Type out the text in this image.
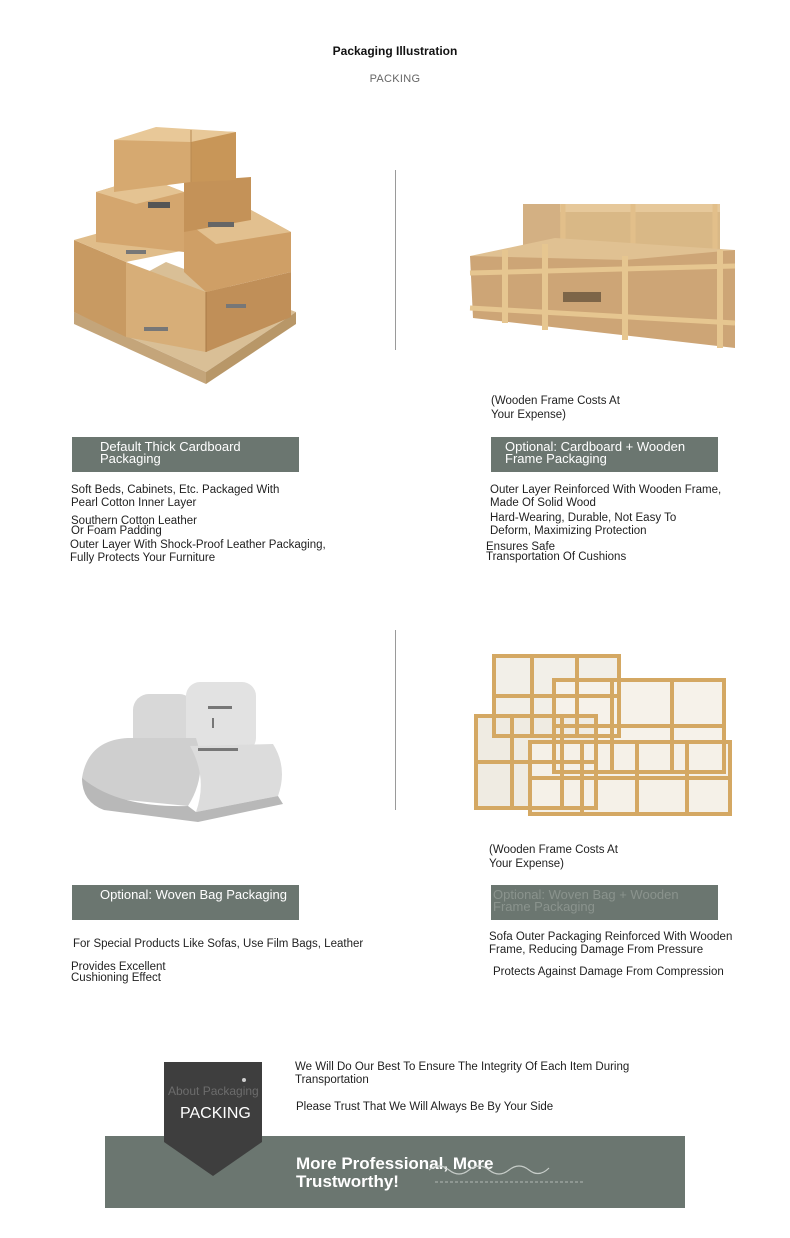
Packaging Illustration
PACKING
Default Thick Cardboard Packaging
Soft Beds, Cabinets, Etc. Packaged With
Pearl Cotton Inner Layer
Southern Cotton Leather
Or Foam Padding
Outer Layer With Shock-Proof Leather Packaging,
Fully Protects Your Furniture
(Wooden Frame Costs At
Your Expense)
Optional: Cardboard + Wooden Frame Packaging
Outer Layer Reinforced With Wooden Frame,
Made Of Solid Wood
Hard-Wearing, Durable, Not Easy To
Deform, Maximizing Protection
Ensures Safe
Transportation Of Cushions
Optional: Woven Bag Packaging
For Special Products Like Sofas, Use Film Bags, Leather
Provides Excellent
Cushioning Effect
(Wooden Frame Costs At
Your Expense)
Optional: Woven Bag + Wooden Frame Packaging
Sofa Outer Packaging Reinforced With Wooden
Frame, Reducing Damage From Pressure
Protects Against Damage From Compression
More Professional, More
Trustworthy!
About Packaging
PACKING
We Will Do Our Best To Ensure The Integrity Of Each Item During
Transportation
Please Trust That We Will Always Be By Your Side
